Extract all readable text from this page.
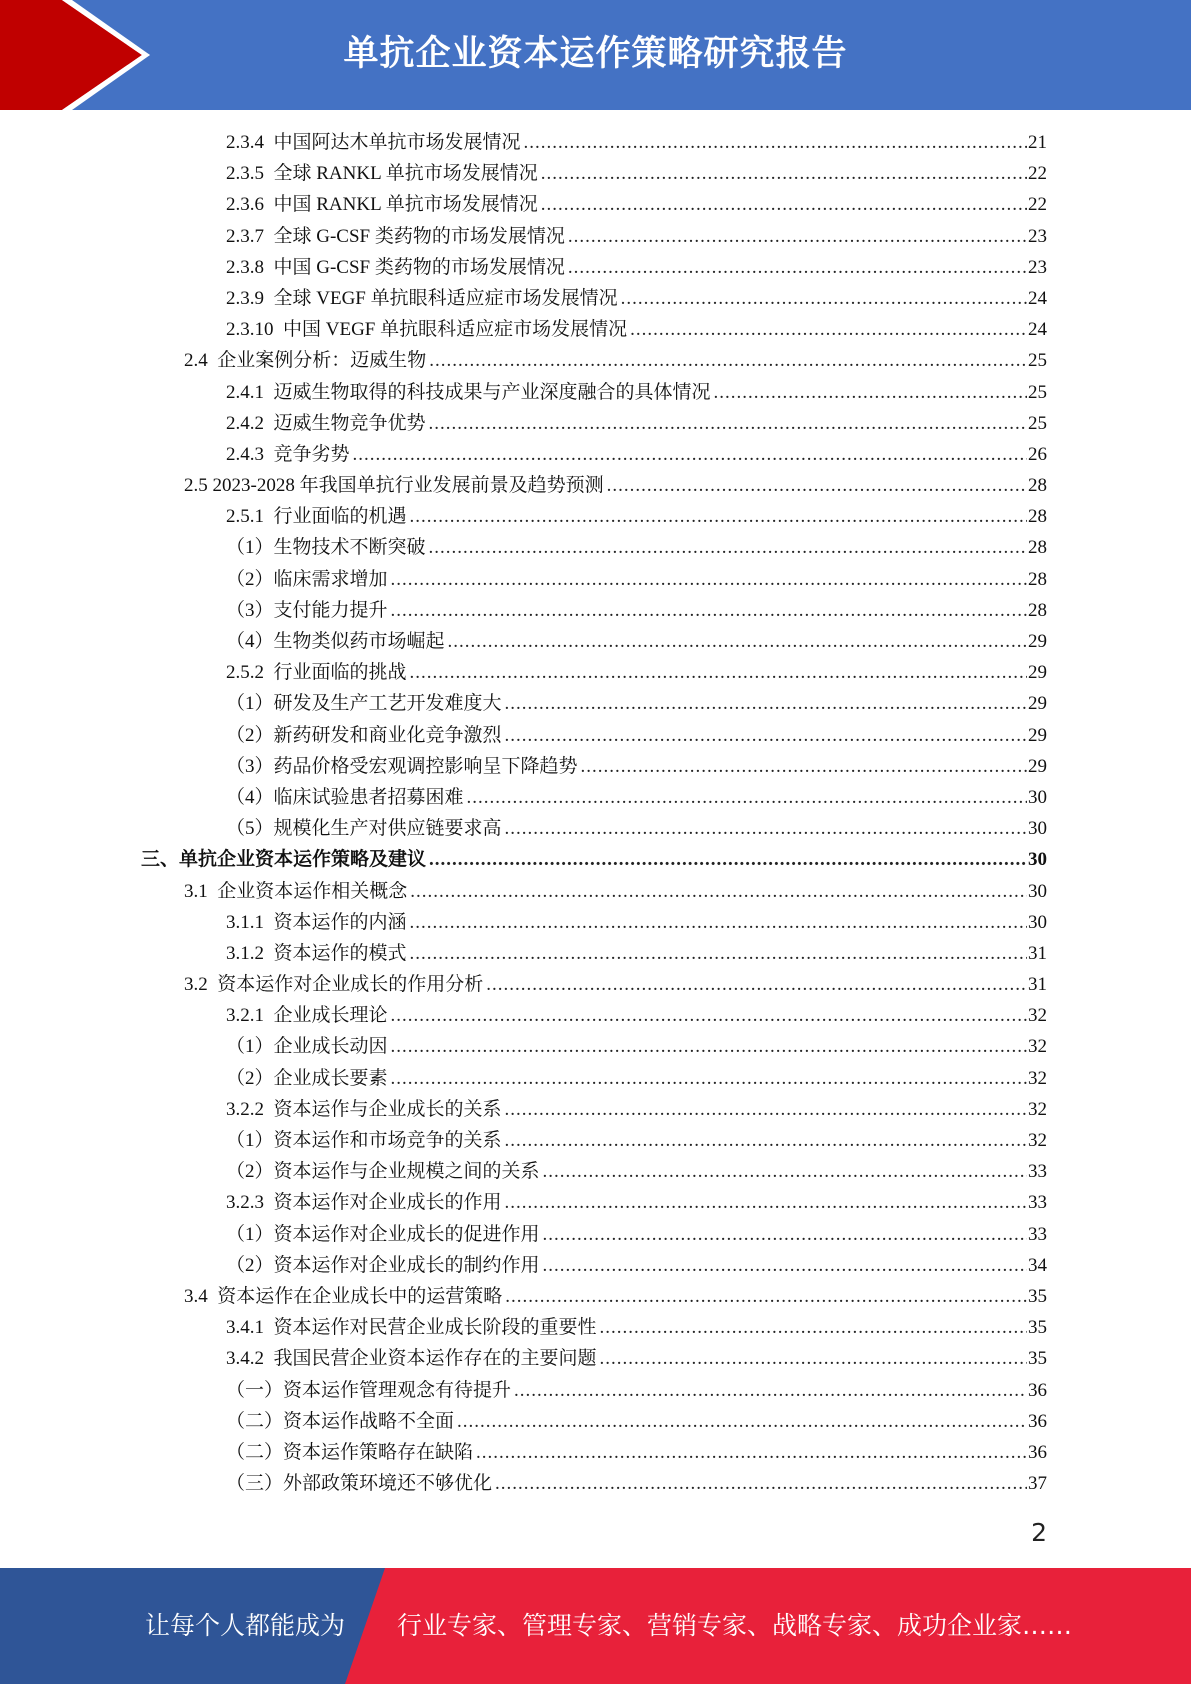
单抗企业资本运作策略研究报告
2.3.4  中国阿达木单抗市场发展情况 .....	21
2.3.5  全球 RANKL 单抗市场发展情况 .....	22
2.3.6  中国 RANKL 单抗市场发展情况 .....	22
2.3.7  全球 G-CSF 类药物的市场发展情况 .....	23
2.3.8  中国 G-CSF 类药物的市场发展情况 .....	23
2.3.9  全球 VEGF 单抗眼科适应症市场发展情况 .....	24
2.3.10  中国 VEGF 单抗眼科适应症市场发展情况 .....	24
2.4  企业案例分析：迈威生物 .....	25
2.4.1  迈威生物取得的科技成果与产业深度融合的具体情况 .....	25
2.4.2  迈威生物竞争优势 .....	25
2.4.3  竞争劣势 .....	26
2.5 2023-2028 年我国单抗行业发展前景及趋势预测 .....	28
2.5.1  行业面临的机遇 .....	28
（1）生物技术不断突破 .....	28
（2）临床需求增加 .....	28
（3）支付能力提升 .....	28
（4）生物类似药市场崛起 .....	29
2.5.2  行业面临的挑战 .....	29
（1）研发及生产工艺开发难度大 .....	29
（2）新药研发和商业化竞争激烈 .....	29
（3）药品价格受宏观调控影响呈下降趋势 .....	29
（4）临床试验患者招募困难 .....	30
（5）规模化生产对供应链要求高 .....	30
三、单抗企业资本运作策略及建议 .....	30
3.1  企业资本运作相关概念 .....	30
3.1.1  资本运作的内涵 .....	30
3.1.2  资本运作的模式 .....	31
3.2  资本运作对企业成长的作用分析 .....	31
3.2.1  企业成长理论 .....	32
（1）企业成长动因 .....	32
（2）企业成长要素 .....	32
3.2.2  资本运作与企业成长的关系 .....	32
（1）资本运作和市场竞争的关系 .....	32
（2）资本运作与企业规模之间的关系 .....	33
3.2.3  资本运作对企业成长的作用 .....	33
（1）资本运作对企业成长的促进作用 .....	33
（2）资本运作对企业成长的制约作用 .....	34
3.4  资本运作在企业成长中的运营策略 .....	35
3.4.1  资本运作对民营企业成长阶段的重要性 .....	35
3.4.2  我国民营企业资本运作存在的主要问题 .....	35
（一）资本运作管理观念有待提升 .....	36
（二）资本运作战略不全面 .....	36
（二）资本运作策略存在缺陷 .....	36
（三）外部政策环境还不够优化 .....	37
2
让每个人都能成为 行业专家、管理专家、营销专家、战略专家、成功企业家……
